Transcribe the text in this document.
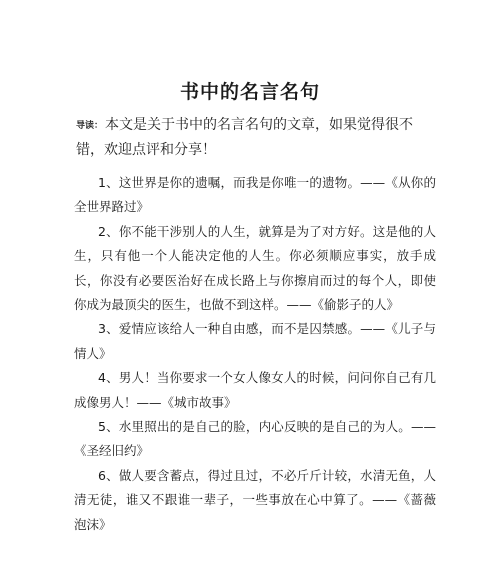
书中的名言名句
导读： 本文是关于书中的名言名句的文章，如果觉得很不错，欢迎点评和分享！

1、这世界是你的遗嘱，而我是你唯一的遗物。——《从你的全世界路过》

2、你不能干涉别人的人生，就算是为了对方好。这是他的人生，只有他一个人能决定他的人生。你必须顺应事实，放手成长，你没有必要医治好在成长路上与你擦肩而过的每个人，即使你成为最顶尖的医生，也做不到这样。——《偷影子的人》

3、爱情应该给人一种自由感，而不是囚禁感。——《儿子与情人》

4、男人！当你要求一个女人像女人的时候，问问你自己有几成像男人！——《城市故事》

5、水里照出的是自己的脸，内心反映的是自己的为人。——《圣经旧约》

6、做人要含蓄点，得过且过，不必斤斤计较，水清无鱼，人清无徒，谁又不跟谁一辈子，一些事放在心中算了。——《蔷薇泡沫》
